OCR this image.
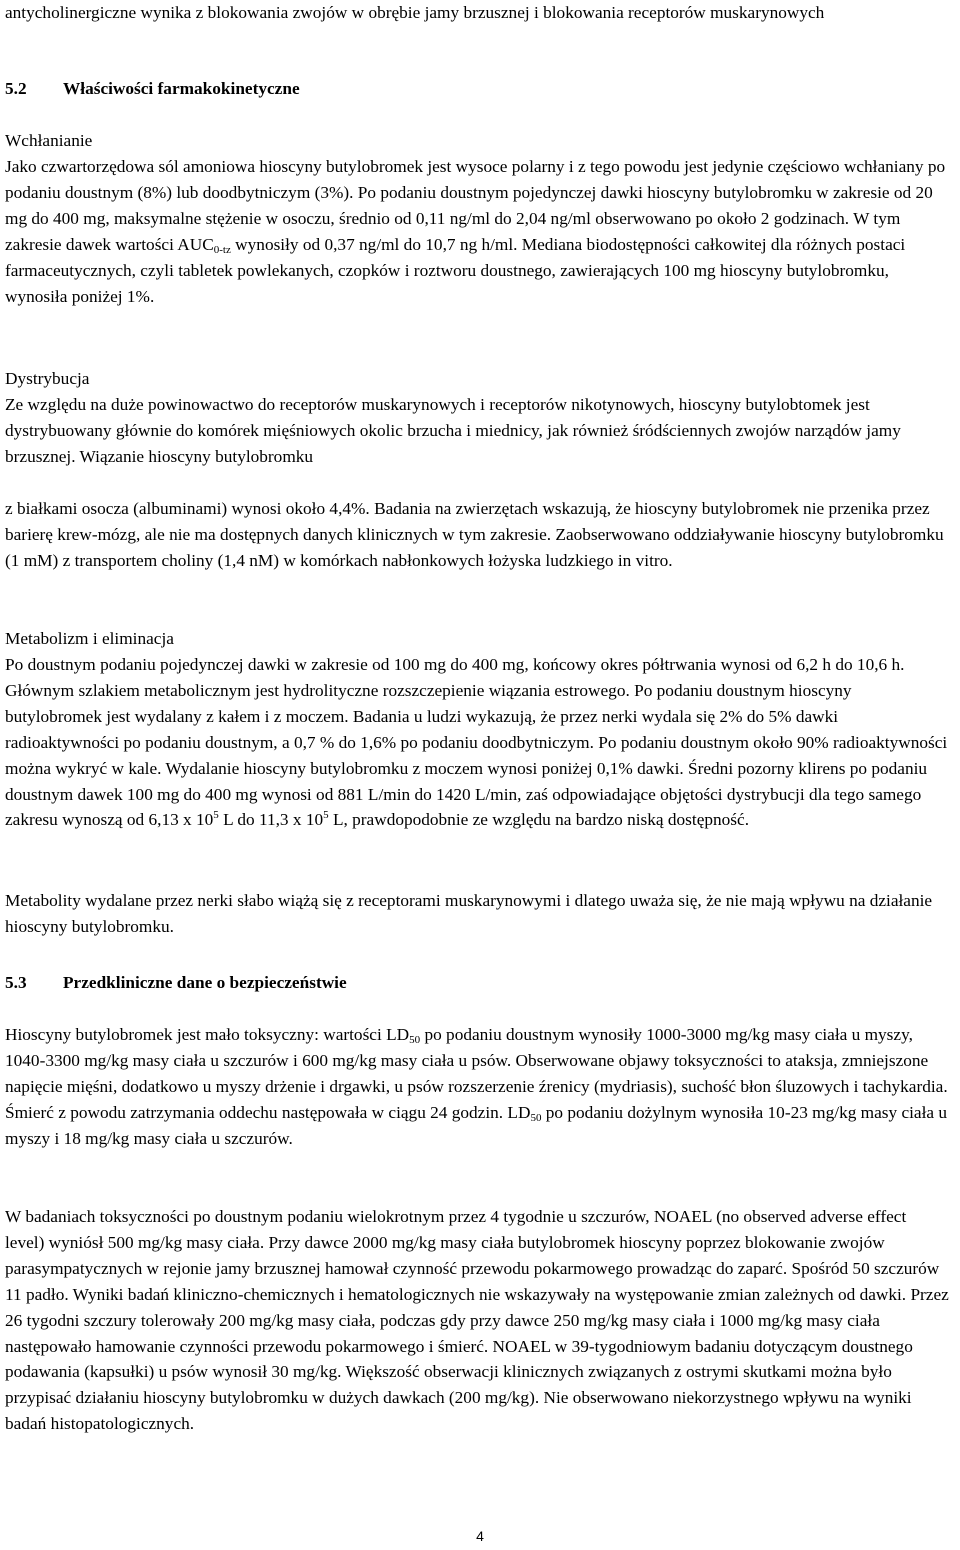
antycholinergiczne wynika z blokowania zwojów w obrębie jamy brzusznej i blokowania receptorów muskarynowych

5.2 Właściwości farmakokinetyczne

Wchłanianie

Jako czwartorzędowa sól amoniowa hioscyny butylobromek jest wysoce polarny i z tego powodu jest jedynie częściowo wchłaniany po podaniu doustnym (8%) lub doodbytniczym (3%). Po podaniu doustnym pojedynczej dawki hioscyny butylobromku w zakresie od 20 mg do 400 mg, maksymalne stężenie w osoczu, średnio od 0,11 ng/ml do 2,04 ng/ml obserwowano po około 2 godzinach. W tym zakresie dawek wartości $AUC_{0-tz}$ wynosiły od 0,37 ng/ml do 10,7 ng h/ml. Mediana biodostępności całkowitej dla różnych postaci farmaceutycznych, czyli tabletek powlekanych, czopków i roztworu doustnego, zawierających 100 mg hioscyny butylobromku, wynosiła poniżej 1%.

Dystrybucja

Ze względu na duże powinowactwo do receptorów muskarynowych i receptorów nikotynowych, hioscyny butylobtomek jest dystrybuowany głównie do komórek mięśniowych okolic brzucha i miednicy, jak również śródściennych zwojów narządów jamy brzusznej. Wiązanie hioscyny butylobromku

z białkami osocza (albuminami) wynosi około 4,4%. Badania na zwierzętach wskazują, że hioscyny butylobromek nie przenika przez barierę krew-mózg, ale nie ma dostępnych danych klinicznych w tym zakresie. Zaobserwowano oddziaływanie hioscyny butylobromku (1 mM) z transportem choliny (1,4 nM) w komórkach nabłonkowych łożyska ludzkiego in vitro.

Metabolizm i eliminacja

Po doustnym podaniu pojedynczej dawki w zakresie od 100 mg do 400 mg, końcowy okres półtrwania wynosi od 6,2 h do 10,6 h. Głównym szlakiem metabolicznym jest hydrolityczne rozszczepienie wiązania estrowego. Po podaniu doustnym hioscyny butylobromek jest wydalany z kałem i z moczem. Badania u ludzi wykazują, że przez nerki wydala się 2% do 5% dawki radioaktywności po podaniu doustnym, a 0,7 % do 1,6% po podaniu doodbytniczym. Po podaniu doustnym około 90% radioaktywności można wykryć w kale. Wydalanie hioscyny butylobromku z moczem wynosi poniżej 0,1% dawki. Średni pozorny klirens po podaniu doustnym dawek 100 mg do 400 mg wynosi od 881 L/min do 1420 L/min, zaś odpowiadające objętości dystrybucji dla tego samego zakresu wynoszą od 6,13 x $10^5$ L do 11,3 x $10^5$ L, prawdopodobnie ze względu na bardzo niską dostępność.

Metabolity wydalane przez nerki słabo wiążą się z receptorami muskarynowymi i dlatego uważa się, że nie mają wpływu na działanie hioscyny butylobromku.

5.3 Przedkliniczne dane o bezpieczeństwie

Hioscyny butylobromek jest mało toksyczny: wartości $LD_{50}$ po podaniu doustnym wynosiły 1000-3000 mg/kg masy ciała u myszy, 1040-3300 mg/kg masy ciała u szczurów i 600 mg/kg masy ciała u psów. Obserwowane objawy toksyczności to ataksja, zmniejszone napięcie mięśni, dodatkowo u myszy drżenie i drgawki, u psów rozszerzenie źrenicy (mydriasis), suchość błon śluzowych i tachykardia. Śmierć z powodu zatrzymania oddechu następowała w ciągu 24 godzin. $LD_{50}$ po podaniu dożylnym wynosiła 10-23 mg/kg masy ciała u myszy i 18 mg/kg masy ciała u szczurów.

W badaniach toksyczności po doustnym podaniu wielokrotnym przez 4 tygodnie u szczurów, NOAEL (no observed adverse effect level) wyniósł 500 mg/kg masy ciała. Przy dawce 2000 mg/kg masy ciała butylobromek hioscyny poprzez blokowanie zwojów parasympatycznych w rejonie jamy brzusznej hamował czynność przewodu pokarmowego prowadząc do zaparć. Spośród 50 szczurów 11 padło. Wyniki badań kliniczno-chemicznych i hematologicznych nie wskazywały na występowanie zmian zależnych od dawki. Przez 26 tygodni szczury tolerowały 200 mg/kg masy ciała, podczas gdy przy dawce 250 mg/kg masy ciała i 1000 mg/kg masy ciała następowało hamowanie czynności przewodu pokarmowego i śmierć. NOAEL w 39-tygodniowym badaniu dotyczącym doustnego podawania (kapsułki) u psów wynosił 30 mg/kg. Większość obserwacji klinicznych związanych z ostrymi skutkami można było przypisać działaniu hioscyny butylobromku w dużych dawkach (200 mg/kg). Nie obserwowano niekorzystnego wpływu na wyniki badań histopatologicznych.

4
